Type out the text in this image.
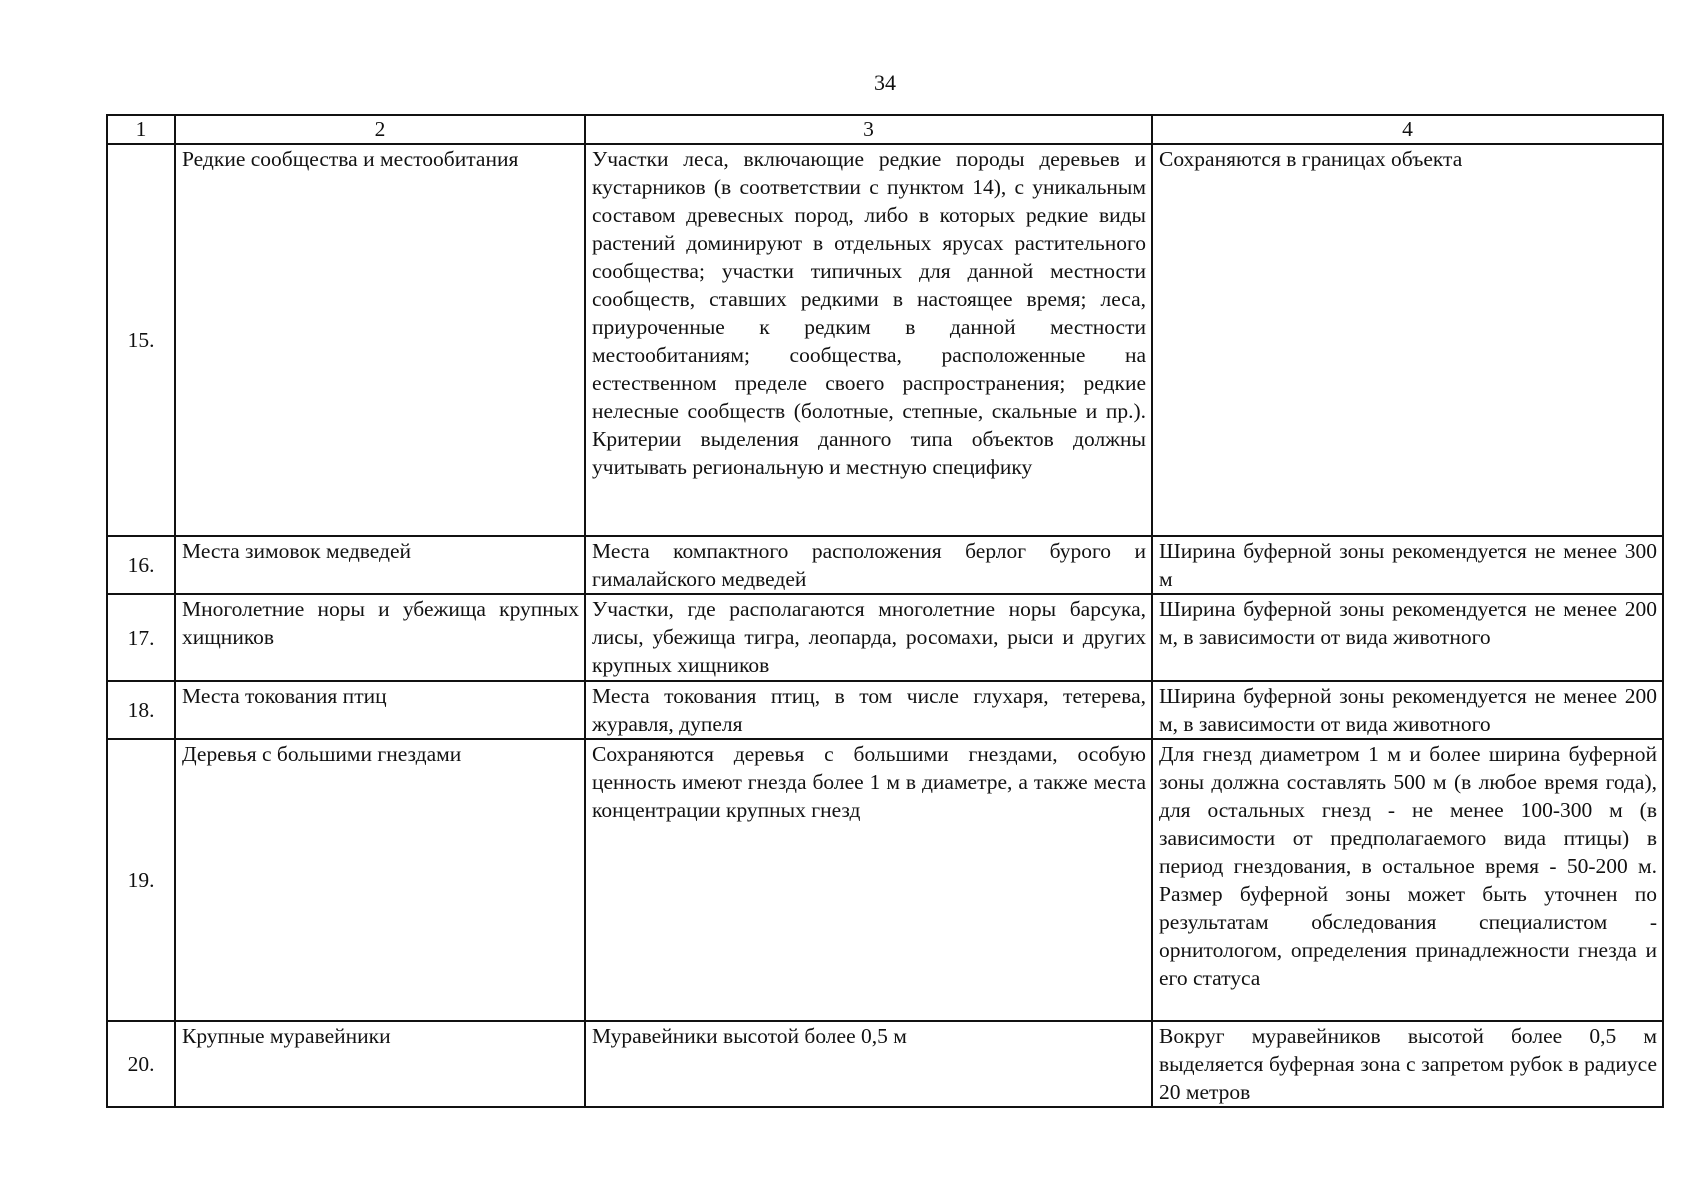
34
1	2	3	4
15.	Редкие сообщества и местообитания	Участки леса, включающие редкие породы деревьев и кустарников (в соответствии с пунктом 14), с уникальным составом древесных пород, либо в которых редкие виды растений доминируют в отдельных ярусах растительного сообщества; участки типичных для данной местности сообществ, ставших редкими в настоящее время; леса, приуроченные к редким в данной местности местообитаниям; сообщества, расположенные на естественном пределе своего распространения; редкие нелесные сообществ (болотные, степные, скальные и пр.). Критерии выделения данного типа объектов должны учитывать региональную и местную специфику	Сохраняются в границах объекта

16.	Места зимовок медведей	Места компактного расположения берлог бурого и гималайского медведей	Ширина буферной зоны рекомендуется не менее 300 м

17.	Многолетние норы и убежища крупных хищников	Участки, где располагаются многолетние норы барсука, лисы, убежища тигра, леопарда, росомахи, рыси и других крупных хищников	Ширина буферной зоны рекомендуется не менее 200 м, в зависимости от вида животного

18.	Места токования птиц	Места токования птиц, в том числе глухаря, тетерева, журавля, дупеля	Ширина буферной зоны рекомендуется не менее 200 м, в зависимости от вида животного

19.	Деревья с большими гнездами	Сохраняются деревья с большими гнездами, особую ценность имеют гнезда более 1 м в диаметре, а также места концентрации крупных гнезд	Для гнезд диаметром 1 м и более ширина буферной зоны должна составлять 500 м (в любое время года), для остальных гнезд - не менее 100-300 м (в зависимости от предполагаемого вида птицы) в период гнездования, в остальное время - 50-200 м. Размер буферной зоны может быть уточнен по результатам обследования специалистом - орнитологом, определения принадлежности гнезда и его статуса

20.	Крупные муравейники	Муравейники высотой более 0,5 м	Вокруг муравейников высотой более 0,5 м выделяется буферная зона с запретом рубок в радиусе 20 метров
